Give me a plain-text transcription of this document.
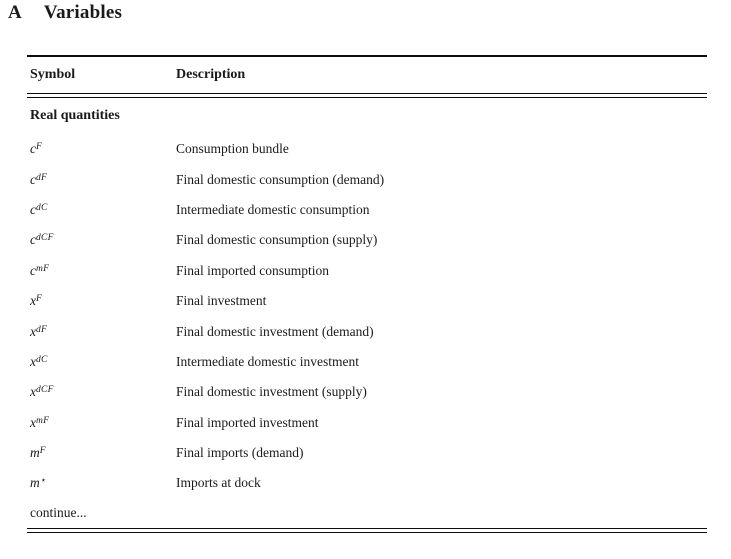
A Variables
Symbol	Description
Real quantities
$c^F$	Consumption bundle
$c^{dF}$	Final domestic consumption (demand)
$c^{dC}$	Intermediate domestic consumption
$c^{dCF}$	Final domestic consumption (supply)
$c^{mF}$	Final imported consumption
$x^F$	Final investment
$x^{dF}$	Final domestic investment (demand)
$x^{dC}$	Intermediate domestic investment
$x^{dCF}$	Final domestic investment (supply)
$x^{mF}$	Final imported investment
$m^F$	Final imports (demand)
m⋆	Imports at dock
continue...
